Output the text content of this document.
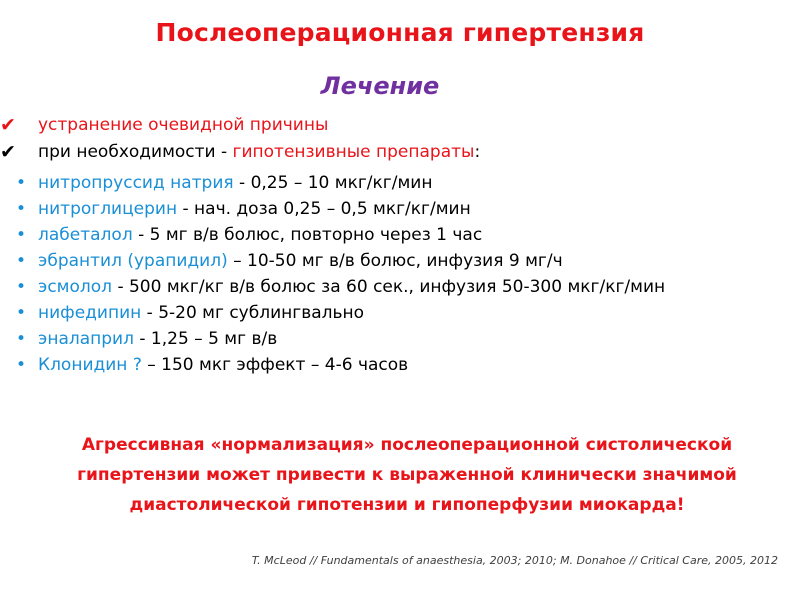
Послеоперационная гипертензия
Лечение
✔	устранение очевидной причины
✔	при необходимости - гипотензивные препараты:
• нитропруссид натрия - 0,25 – 10 мкг/кг/мин
• нитроглицерин - нач. доза 0,25 – 0,5 мкг/кг/мин
• лабеталол - 5 мг в/в болюс, повторно через 1 час
• эбрантил (урапидил) – 10-50 мг в/в болюс, инфузия 9 мг/ч
• эсмолол - 500 мкг/кг в/в болюс за 60 сек., инфузия 50-300 мкг/кг/мин
• нифедипин - 5-20 мг сублингвально
• эналаприл - 1,25 – 5 мг в/в
• Клонидин ? – 150 мкг эффект – 4-6 часов
Агрессивная «нормализация» послеоперационной систолической гипертензии может привести к выраженной клинически значимой диастолической гипотензии и гипоперфузии миокарда!
T. McLeod // Fundamentals of anaesthesia, 2003; 2010; M. Donahoe // Critical Care, 2005, 2012
